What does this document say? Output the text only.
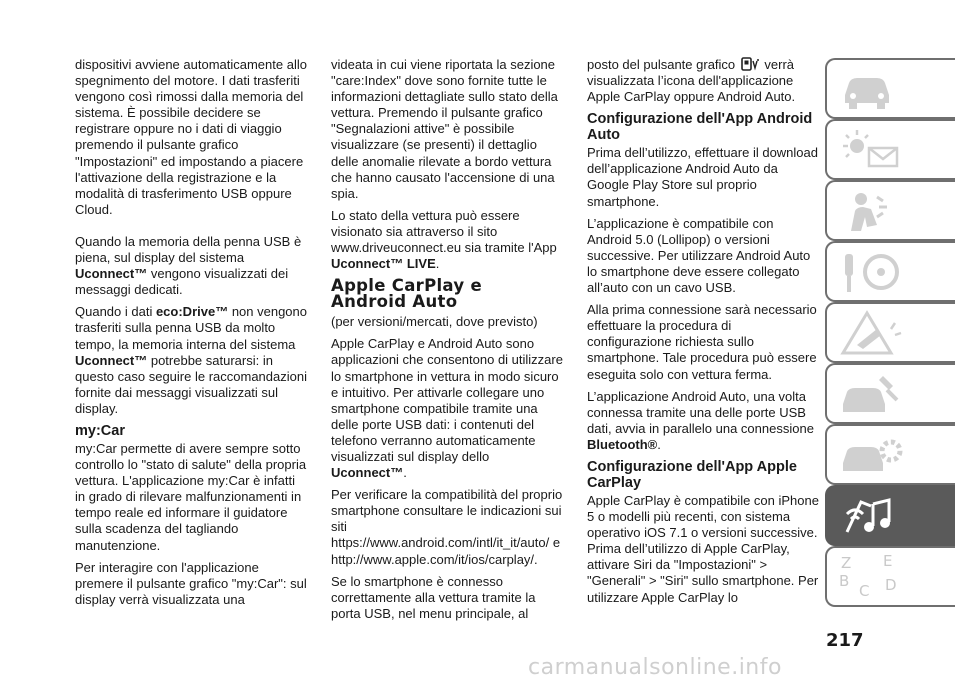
dispositivi avviene automaticamente allo spegnimento del motore. I dati trasferiti vengono così rimossi dalla memoria del sistema. È possibile decidere se registrare oppure no i dati di viaggio premendo il pulsante grafico "Impostazioni" ed impostando a piacere l'attivazione della registrazione e la modalità di trasferimento USB oppure Cloud.

Quando la memoria della penna USB è piena, sul display del sistema Uconnect™ vengono visualizzati dei messaggi dedicati.

Quando i dati eco:Drive™ non vengono trasferiti sulla penna USB da molto tempo, la memoria interna del sistema Uconnect™ potrebbe saturarsi: in questo caso seguire le raccomandazioni fornite dai messaggi visualizzati sul display.

my:Car

my:Car permette di avere sempre sotto controllo lo "stato di salute" della propria vettura. L'applicazione my:Car è infatti in grado di rilevare malfunzionamenti in tempo reale ed informare il guidatore sulla scadenza del tagliando manutenzione.

Per interagire con l'applicazione premere il pulsante grafico "my:Car": sul display verrà visualizzata una

videata in cui viene riportata la sezione "care:Index" dove sono fornite tutte le informazioni dettagliate sullo stato della vettura. Premendo il pulsante grafico "Segnalazioni attive" è possibile visualizzare (se presenti) il dettaglio delle anomalie rilevate a bordo vettura che hanno causato l'accensione di una spia.

Lo stato della vettura può essere visionato sia attraverso il sito www.driveuconnect.eu sia tramite l'App Uconnect™ LIVE.

Apple CarPlay e Android Auto

(per versioni/mercati, dove previsto)

Apple CarPlay e Android Auto sono applicazioni che consentono di utilizzare lo smartphone in vettura in modo sicuro e intuitivo. Per attivarle collegare uno smartphone compatibile tramite una delle porte USB dati: i contenuti del telefono verranno automaticamente visualizzati sul display dello Uconnect™.

Per verificare la compatibilità del proprio smartphone consultare le indicazioni sui siti https://www.android.com/intl/it_it/auto/ e http://www.apple.com/it/ios/carplay/.

Se lo smartphone è connesso correttamente alla vettura tramite la porta USB, nel menu principale, al

posto del pulsante grafico  verrà visualizzata l’icona dell'applicazione Apple CarPlay oppure Android Auto.

Configurazione dell'App Android Auto

Prima dell’utilizzo, effettuare il download dell’applicazione Android Auto da Google Play Store sul proprio smartphone.

L’applicazione è compatibile con Android 5.0 (Lollipop) o versioni successive. Per utilizzare Android Auto lo smartphone deve essere collegato all’auto con un cavo USB.

Alla prima connessione sarà necessario effettuare la procedura di configurazione richiesta sullo smartphone. Tale procedura può essere eseguita solo con vettura ferma.

L’applicazione Android Auto, una volta connessa tramite una delle porte USB dati, avvia in parallelo una connessione Bluetooth®.

Configurazione dell'App Apple CarPlay

Apple CarPlay è compatibile con iPhone 5 o modelli più recenti, con sistema operativo iOS 7.1 o versioni successive. Prima dell’utilizzo di Apple CarPlay, attivare Siri da "Impostazioni" > "Generali" > "Siri" sullo smartphone. Per utilizzare Apple CarPlay lo

Z E
B
C D
217
carmanualsonline.info
